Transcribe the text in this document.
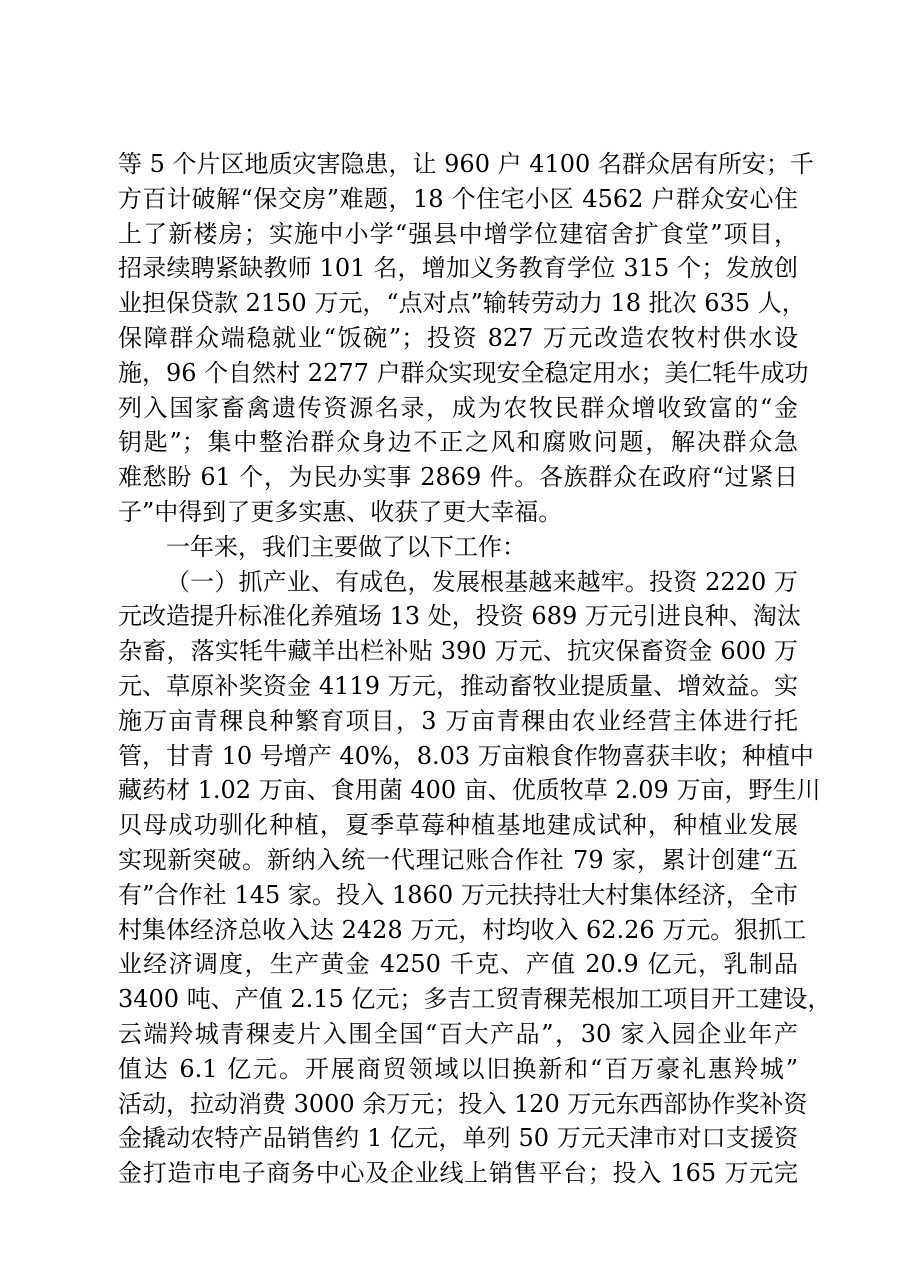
等 5 个片区地质灾害隐患，让 960 户 4100 名群众居有所安；千
方百计破解“保交房”难题，18 个住宅小区 4562 户群众安心住
上了新楼房；实施中小学“强县中增学位建宿舍扩食堂”项目，
招录续聘紧缺教师 101 名，增加义务教育学位 315 个；发放创
业担保贷款 2150 万元，“点对点”输转劳动力 18 批次 635 人，
保障群众端稳就业“饭碗”；投资 827 万元改造农牧村供水设
施，96 个自然村 2277 户群众实现安全稳定用水；美仁牦牛成功
列入国家畜禽遗传资源名录，成为农牧民群众增收致富的“金
钥匙”；集中整治群众身边不正之风和腐败问题，解决群众急
难愁盼 61 个，为民办实事 2869 件。各族群众在政府“过紧日
子”中得到了更多实惠、收获了更大幸福。
一年来，我们主要做了以下工作：
（一）抓产业、有成色，发展根基越来越牢。投资 2220 万
元改造提升标准化养殖场 13 处，投资 689 万元引进良种、淘汰
杂畜，落实牦牛藏羊出栏补贴 390 万元、抗灾保畜资金 600 万
元、草原补奖资金 4119 万元，推动畜牧业提质量、增效益。实
施万亩青稞良种繁育项目，3 万亩青稞由农业经营主体进行托
管，甘青 10 号增产 40%，8.03 万亩粮食作物喜获丰收；种植中
藏药材 1.02 万亩、食用菌 400 亩、优质牧草 2.09 万亩，野生川
贝母成功驯化种植，夏季草莓种植基地建成试种，种植业发展
实现新突破。新纳入统一代理记账合作社 79 家，累计创建“五
有”合作社 145 家。投入 1860 万元扶持壮大村集体经济，全市
村集体经济总收入达 2428 万元，村均收入 62.26 万元。狠抓工
业经济调度，生产黄金 4250 千克、产值 20.9 亿元，乳制品
3400 吨、产值 2.15 亿元；多吉工贸青稞芜根加工项目开工建设，
云端羚城青稞麦片入围全国“百大产品”，30 家入园企业年产
值达 6.1 亿元。开展商贸领域以旧换新和“百万豪礼惠羚城”
活动，拉动消费 3000 余万元；投入 120 万元东西部协作奖补资
金撬动农特产品销售约 1 亿元，单列 50 万元天津市对口支援资
金打造市电子商务中心及企业线上销售平台；投入 165 万元完
